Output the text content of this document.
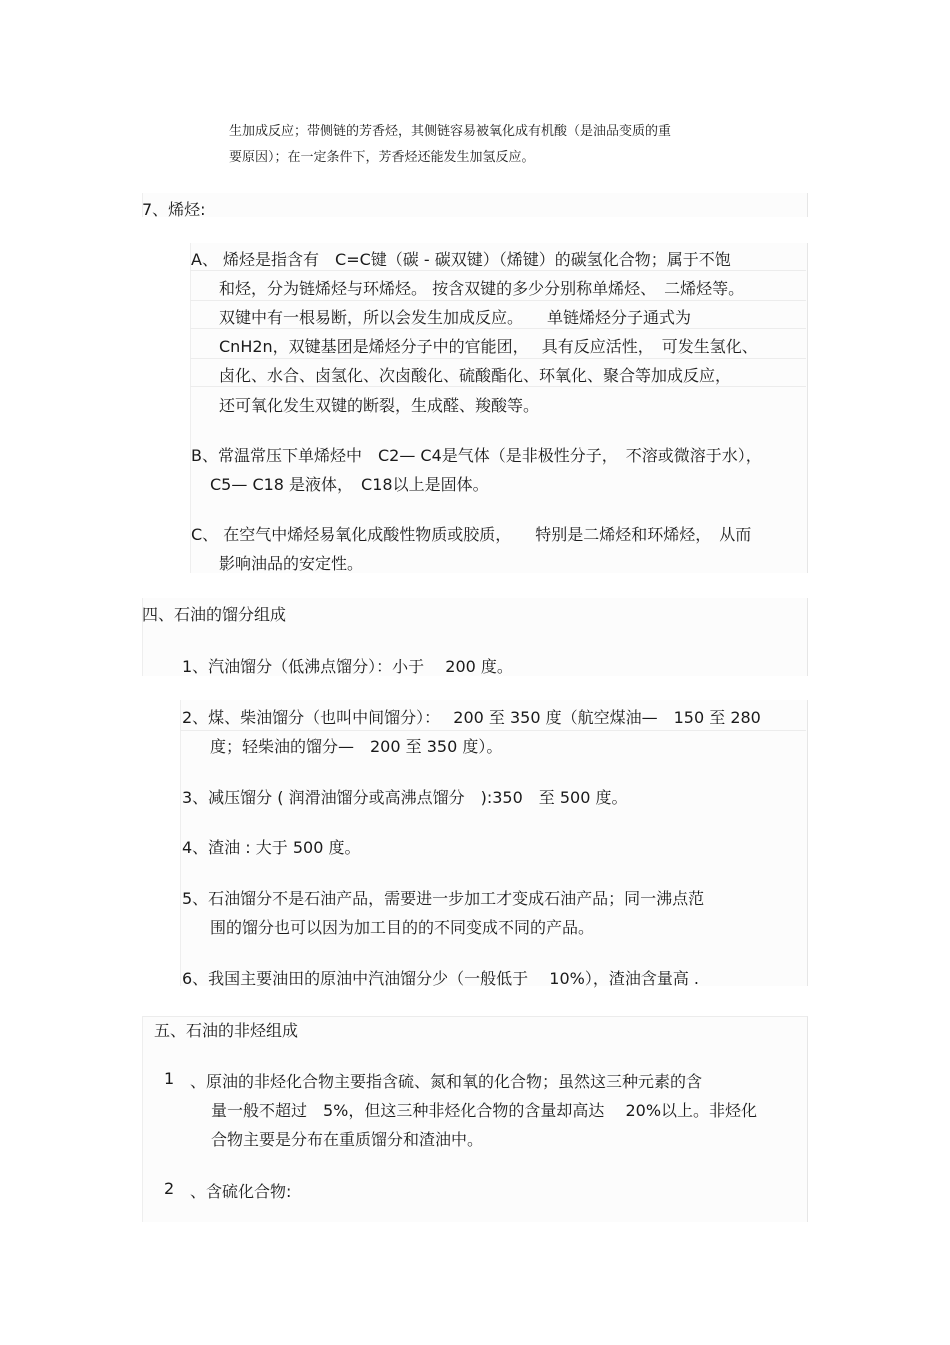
生加成反应；带侧链的芳香烃，其侧链容易被氧化成有机酸（是油品变质的重
要原因）；在一定条件下，芳香烃还能发生加氢反应。
7、烯烃:
A、 烯烃是指含有　C=C键（碳 - 碳双键）（烯键）的碳氢化合物；属于不饱
和烃，分为链烯烃与环烯烃。 按含双键的多少分别称单烯烃、　二烯烃等。
双键中有一根易断，所以会发生加成反应。　　单链烯烃分子通式为
CnH2n，双键基团是烯烃分子中的官能团，　 具有反应活性，　可发生氢化、
卤化、水合、卤氢化、次卤酸化、硫酸酯化、环氧化、聚合等加成反应，
还可氧化发生双键的断裂，生成醛、羧酸等。
B、常温常压下单烯烃中　C2— C4是气体（是非极性分子，　不溶或微溶于水），
C5— C18 是液体，　C18以上是固体。
C、 在空气中烯烃易氧化成酸性物质或胶质，　　特别是二烯烃和环烯烃，　从而
影响油品的安定性。
四、石油的馏分组成
1、汽油馏分（低沸点馏分）：小于　 200 度。
2、煤、柴油馏分（也叫中间馏分）：　 200 至 350 度（航空煤油—　150 至 280
度；轻柴油的馏分—　200 至 350 度）。
3、减压馏分 ( 润滑油馏分或高沸点馏分　):350　至 500 度。
4、渣油 : 大于 500 度。
5、石油馏分不是石油产品，需要进一步加工才变成石油产品；同一沸点范
围的馏分也可以因为加工目的的不同变成不同的产品。
6、我国主要油田的原油中汽油馏分少（一般低于　 10%），渣油含量高 .
五、石油的非烃组成
1 、原油的非烃化合物主要指含硫、氮和氧的化合物；虽然这三种元素的含
量一般不超过　5%，但这三种非烃化合物的含量却高达　 20%以上。非烃化
合物主要是分布在重质馏分和渣油中。
2 、含硫化合物:
